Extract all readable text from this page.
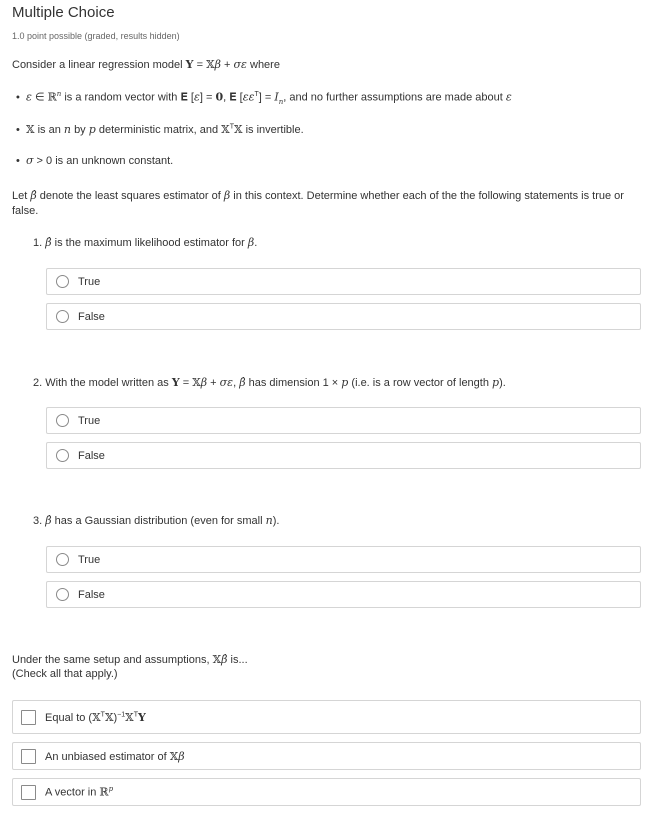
Multiple Choice
1.0 point possible (graded, results hidden)
Consider a linear regression model Y = 𝕏β + σε where
• ε ∈ ℝ$^n$ is a random vector with 𝐄 [ε] = 0, 𝐄 $[\varepsilon\varepsilon^T] = I_n$, and no further assumptions are made about ε
• 𝕏 is an n by p deterministic matrix, and 𝕏$^T$𝕏 is invertible.
• σ > 0 is an unknown constant.
Let β̂ denote the least squares estimator of β in this context. Determine whether each of the the following statements is true or false.
1. β̂ is the maximum likelihood estimator for β.
True
False
2. With the model written as Y = 𝕏β + σε, β̂ has dimension 1 × p (i.e. is a row vector of length p).
True
False
3. β̂ has a Gaussian distribution (even for small n).
True
False
Under the same setup and assumptions, 𝕏β̂ is...
(Check all that apply.)
Equal to (𝕏$^T$𝕏)$^{-1}$𝕏$^T$Y
An unbiased estimator of 𝕏β
A vector in ℝ$^p$
